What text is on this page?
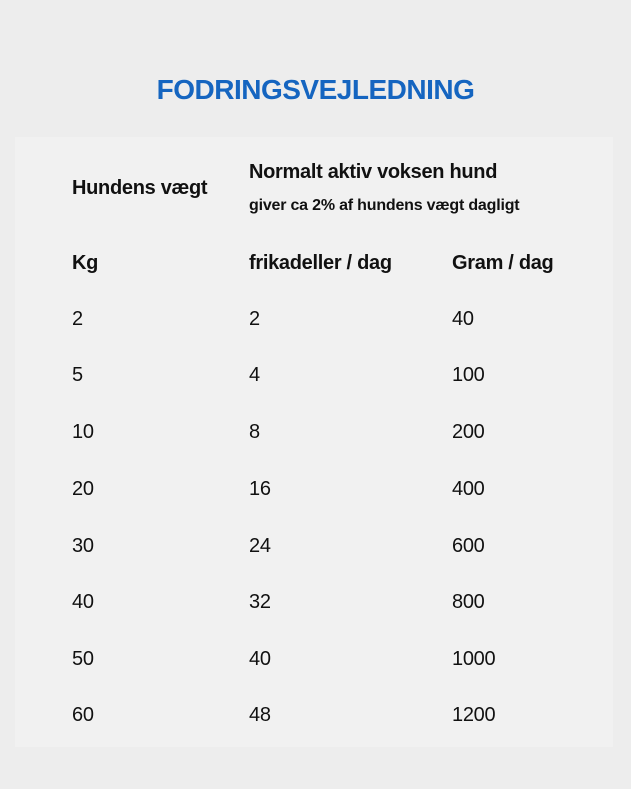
FODRINGSVEJLEDNING
Hundens vægt
Normalt aktiv voksen hund
giver ca 2% af hundens vægt dagligt
Kg	frikadeller / dag	Gram / dag
2	2	40
5	4	100
10	8	200
20	16	400
30	24	600
40	32	800
50	40	1000
60	48	1200
